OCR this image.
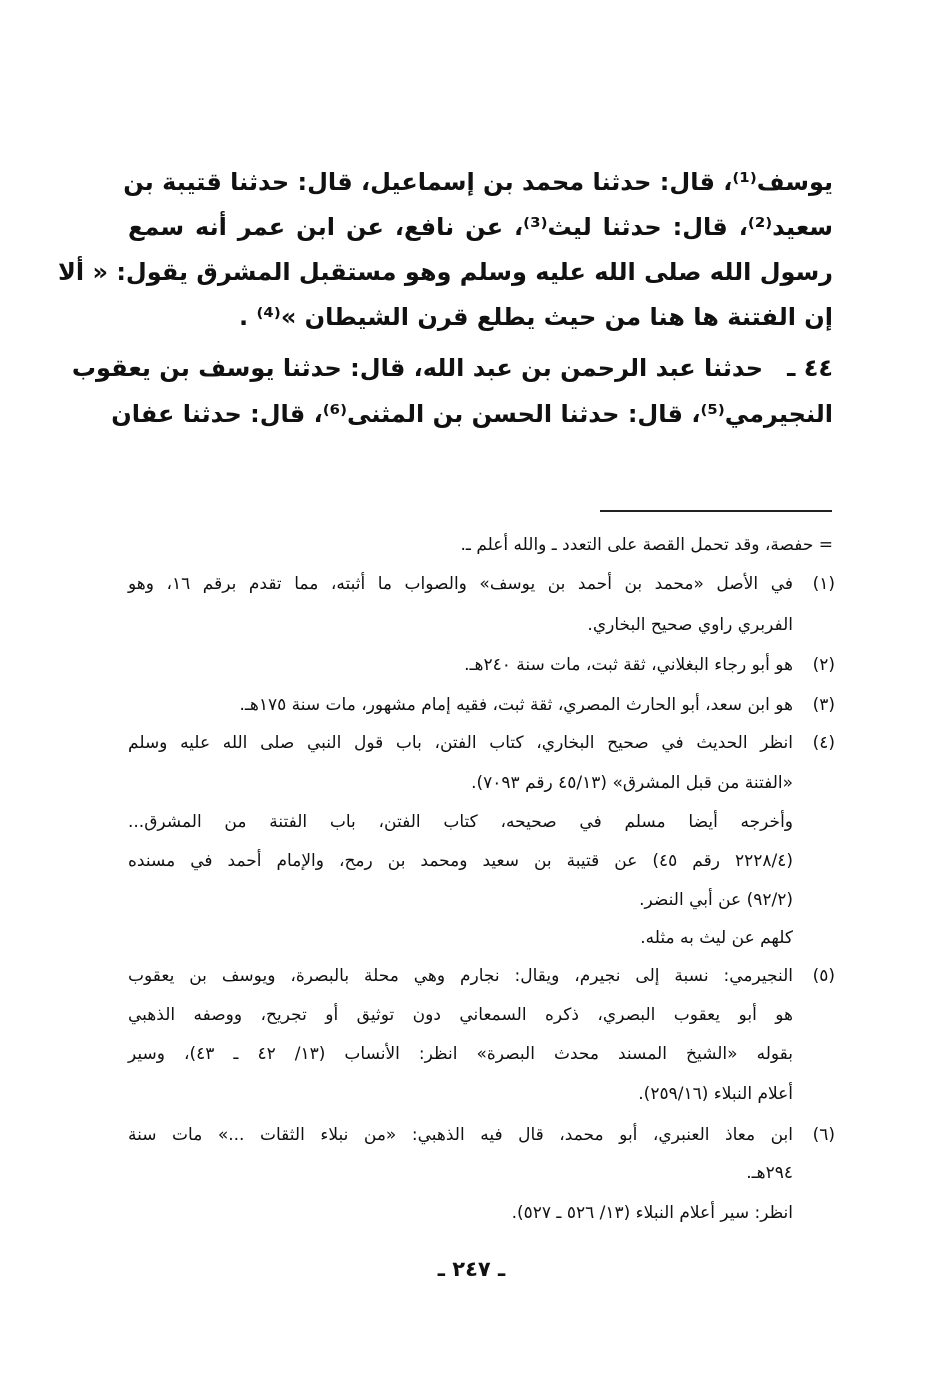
يوسف⁽¹⁾، قال: حدثنا محمد بن إسماعيل، قال: حدثنا قتيبة بن
سعيد⁽²⁾، قال: حدثنا ليث⁽³⁾، عن نافع، عن ابن عمر أنه سمع
رسول الله صلى الله عليه وسلم وهو مستقبل المشرق يقول: « ألا
إن الفتنة ها هنا من حيث يطلع قرن الشيطان »⁽⁴⁾ .
٤٤ ـ
حدثنا عبد الرحمن بن عبد الله، قال: حدثنا يوسف بن يعقوب
النجيرمي⁽⁵⁾، قال: حدثنا الحسن بن المثنى⁽⁶⁾، قال: حدثنا عفان
= حفصة، وقد تحمل القصة على التعدد ـ والله أعلم ـ.
(١)
في الأصل «محمد بن أحمد بن يوسف» والصواب ما أثبته، مما تقدم برقم ١٦، وهو
الفربري راوي صحيح البخاري.
(٢)
هو أبو رجاء البغلاني، ثقة ثبت، مات سنة ٢٤٠هـ.
(٣)
هو ابن سعد، أبو الحارث المصري، ثقة ثبت، فقيه إمام مشهور، مات سنة ١٧٥هـ.
(٤)
انظر الحديث في صحيح البخاري، كتاب الفتن، باب قول النبي صلى الله عليه وسلم
«الفتنة من قبل المشرق» (٤٥/١٣ رقم ٧٠٩٣).
وأخرجه أيضا مسلم في صحيحه، كتاب الفتن، باب الفتنة من المشرق...
(٢٢٢٨/٤ رقم ٤٥) عن قتيبة بن سعيد ومحمد بن رمح، والإمام أحمد في مسنده
(٩٢/٢) عن أبي النضر.
كلهم عن ليث به مثله.
(٥)
النجيرمي: نسبة إلى نجيرم، ويقال: نجارم وهي محلة بالبصرة، ويوسف بن يعقوب
هو أبو يعقوب البصري، ذكره السمعاني دون توثيق أو تجريح، ووصفه الذهبي
بقوله «الشيخ المسند محدث البصرة» انظر: الأنساب (١٣/ ٤٢ ـ ٤٣)، وسير
أعلام النبلاء (٢٥٩/١٦).
(٦)
ابن معاذ العنبري، أبو محمد، قال فيه الذهبي: «من نبلاء الثقات ...» مات سنة
٢٩٤هـ.
انظر: سير أعلام النبلاء (١٣/ ٥٢٦ ـ ٥٢٧).
ـ ٢٤٧ ـ
